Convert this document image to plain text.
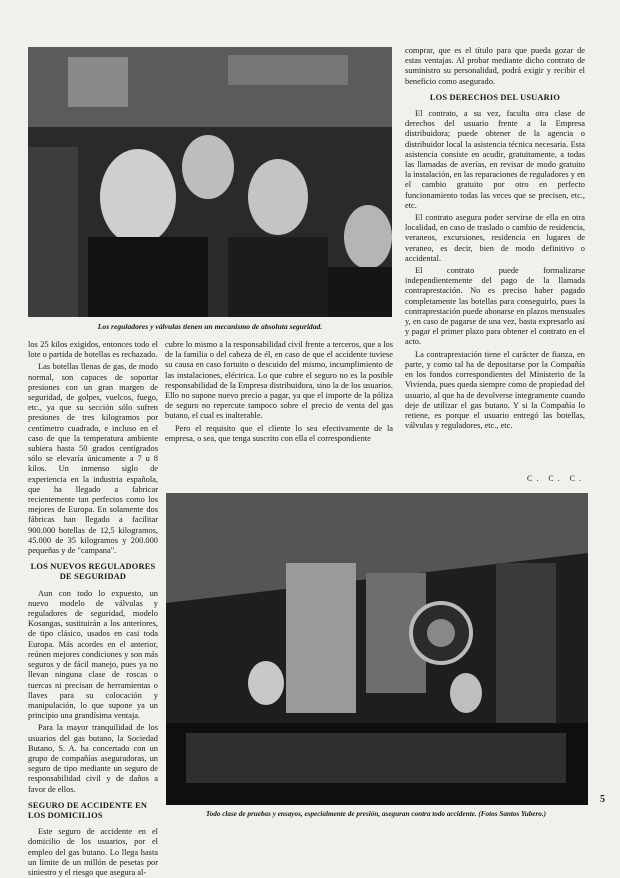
Los reguladores y válvulas tienen un mecanismo de absoluta seguridad.

comprar, que es el título para que pueda gozar de estas ventajas. Al probar mediante dicho contrato de suministro su personalidad, podrá exigir y recibir el beneficio como asegurado.

LOS DERECHOS DEL USUARIO

El contrato, a su vez, faculta otra clase de derechos del usuario frente a la Empresa distribuidora; puede obtener de la agencia o distribuidor local la asistencia técnica necesaria. Esta asistencia consiste en acudir, gratuitamente, a todas las llamadas de averías, en revisar de modo gratuito la instalación, en las reparaciones de reguladores y en el cambio gratuito por otro en perfecto funcionamiento todas las veces que se precisen, etc., etc.

El contrato asegura poder servirse de ella en otra localidad, en caso de traslado o cambio de residencia, veraneos, excursiones, residencia en lugares de veraneo, es decir, bien de modo definitivo o accidental.

El contrato puede formalizarse independientemente del pago de la llamada contraprestación. No es preciso haber pagado completamente las botellas para conseguirlo, pues la contraprestación puede abonarse en plazos mensuales y, en caso de pagarse de una vez, basta expresarlo así y pagar el primer plazo para obtener el contrato en el acto.

La contraprestación tiene el carácter de fianza, en parte, y como tal ha de depositarse por la Compañía en los fondos correspondientes del Ministerio de la Vivienda, pues queda siempre como de propiedad del usuario, al que ha de devolverse íntegramente cuando deje de utilizar el gas butano. Y si la Compañía lo retiene, es porque el usuario entregó las botellas, válvulas y reguladores, etc., etc.

C. C. C.

los 25 kilos exigidos, entonces todo el lote o partida de botellas es rechazado.

Las botellas llenas de gas, de modo normal, son capaces de soportar presiones con un gran margen de seguridad, de golpes, vuelcos, fuego, etc., ya que su sección sólo sufren presiones de tres kilogramos por centímetro cuadrado, e incluso en el caso de que la temperatura ambiente subiera hasta 50 grados centígrados sólo se elevaría únicamente a 7 u 8 kilos. Un inmenso siglo de experiencia en la industria española, que ha llegado a fabricar recientemente tan perfectos como los mejores de Europa. En solamente dos fábricas han llegado a facilitar 900.000 botellas de 12,5 kilogramos, 45.000 de 35 kilogramos y 200.000 pequeñas y de "campana".

LOS NUEVOS REGULADORES DE SEGURIDAD

Aun con todo lo expuesto, un nuevo modelo de válvulas y reguladores de seguridad, modelo Kosangas, sustituirán a los anteriores, de tipo clásico, usados en casi toda Europa. Más acordes en el anterior, reúnen mejores condiciones y son más seguros y de fácil manejo, pues ya no llevan ninguna clase de roscas o tuercas ni precisan de herramientas o llaves para su colocación y manipulación, lo que supone ya un principio una grandísima ventaja.

Para la mayor tranquilidad de los usuarios del gas butano, la Sociedad Butano, S. A. ha concertado con un grupo de compañías aseguradoras, un seguro de tipo mediante un seguro de responsabilidad civil y de daños a favor de ellos.

SEGURO DE ACCIDENTE EN LOS DOMICILIOS

Este seguro de accidente en el domicilio de los usuarios, por el empleo del gas butano. Lo llega hasta un límite de un millón de pesetas por siniestro y el riesgo que asegura al-

cubre lo mismo a la responsabilidad civil frente a terceros, que a los de la familia o del cabeza de él, en caso de que el accidente tuviese su causa en caso fortuito o descuido del mismo, incumplimiento de las instalaciones, eléctrica. Lo que cubre el seguro no es la posible responsabilidad de la Empresa distribuidora, sino la de los usuarios. Ello no supone nuevo precio a pagar, ya que el importe de la póliza de seguro no repercute tampoco sobre el precio de venta del gas butano, el cual es inalterable.

Pero el requisito que el cliente lo sea efectivamente de la empresa, o sea, que tenga suscrito con ella el correspondiente

Todo clase de pruebas y ensayos, especialmente de presión, aseguran contra todo accidente. (Fotos Santos Yubero.)
5
